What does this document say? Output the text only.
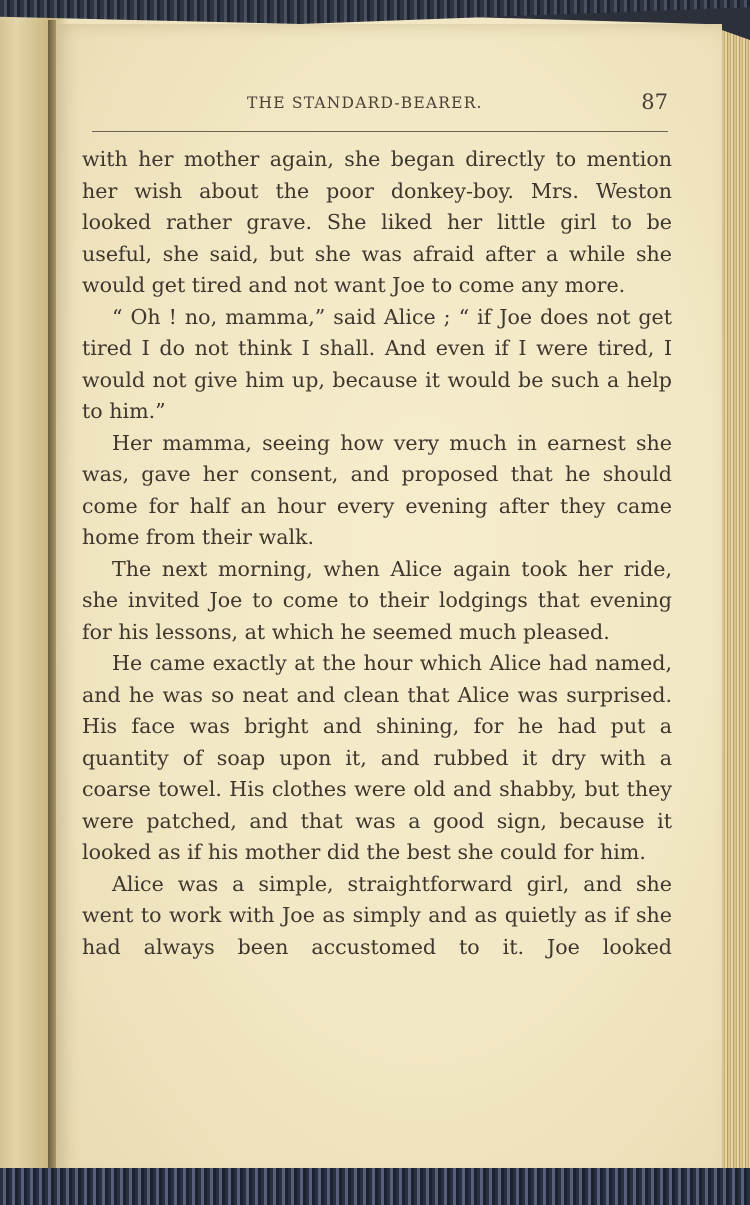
THE STANDARD-BEARER.	87

with her mother again, she began directly to mention her wish about the poor donkey-boy. Mrs. Weston looked rather grave. She liked her little girl to be useful, she said, but she was afraid after a while she would get tired and not want Joe to come any more.

“ Oh ! no, mamma,” said Alice ; “ if Joe does not get tired I do not think I shall. And even if I were tired, I would not give him up, because it would be such a help to him.”

Her mamma, seeing how very much in earnest she was, gave her consent, and proposed that he should come for half an hour every evening after they came home from their walk.

The next morning, when Alice again took her ride, she invited Joe to come to their lodgings that evening for his lessons, at which he seemed much pleased.

He came exactly at the hour which Alice had named, and he was so neat and clean that Alice was surprised. His face was bright and shining, for he had put a quantity of soap upon it, and rubbed it dry with a coarse towel. His clothes were old and shabby, but they were patched, and that was a good sign, because it looked as if his mother did the best she could for him.

Alice was a simple, straightforward girl, and she went to work with Joe as simply and as quietly as if she had always been accustomed to it. Joe looked
